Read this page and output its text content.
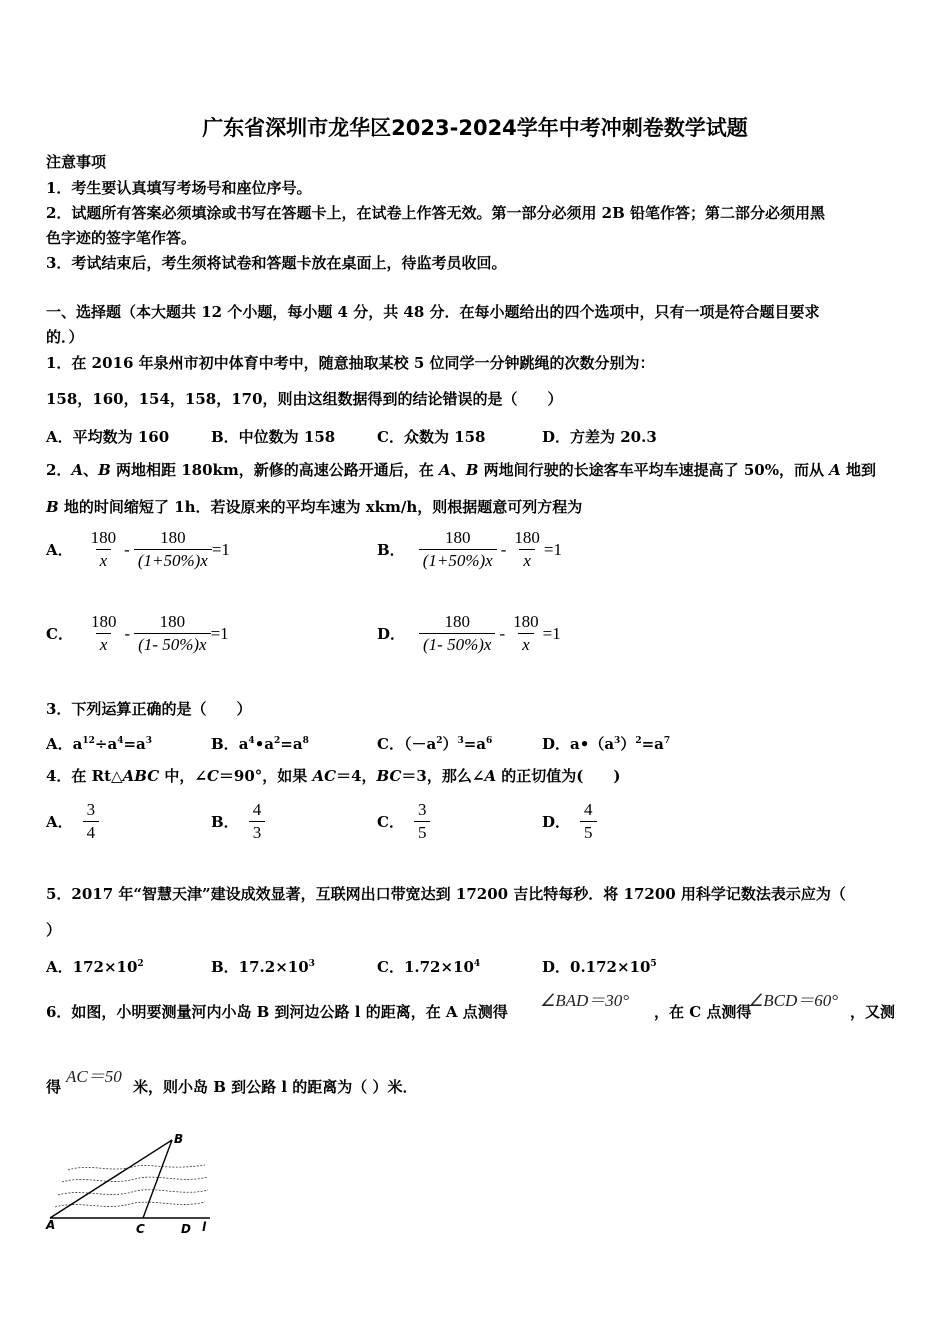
广东省深圳市龙华区2023-2024学年中考冲刺卷数学试题
注意事项
1．考生要认真填写考场号和座位序号。
2．试题所有答案必须填涂或书写在答题卡上，在试卷上作答无效。第一部分必须用 2B 铅笔作答；第二部分必须用黑
色字迹的签字笔作答。
3．考试结束后，考生须将试卷和答题卡放在桌面上，待监考员收回。
一、选择题（本大题共 12 个小题，每小题 4 分，共 48 分．在每小题给出的四个选项中，只有一项是符合题目要求
的．）
1．在 2016 年泉州市初中体育中考中，随意抽取某校 5 位同学一分钟跳绳的次数分别为：
158，160，154，158，170，则由这组数据得到的结论错误的是（　　）
A．平均数为 160	B．中位数为 158	C．众数为 158	D．方差为 20.3
2．A、B 两地相距 180km，新修的高速公路开通后，在 A、B 两地间行驶的长途客车平均车速提高了 50%，而从 A 地到
B 地的时间缩短了 1h．若设原来的平均车速为 xkm/h，则根据题意可列方程为
A． $\frac{180}{x} - \frac{180}{(1+50\%)x} =1$	B． $\frac{180}{(1+50\%)x} - \frac{180}{x} =1$
C． $\frac{180}{x} - \frac{180}{(1- 50\%)x} =1$	D． $\frac{180}{(1- 50\%)x} - \frac{180}{x} =1$
3．下列运算正确的是（　　）
A．$a^{12}\div a^4=a^3$	B．$a^4•a^2=a^8$	C．$(-a^2)^3=a^6$	D．$a•(a^3)^2=a^7$
4．在 Rt△ABC 中，∠C＝90°，如果 AC＝4，BC＝3，那么∠A 的正切值为(　　)
A． $\frac{3}{4}$	B． $\frac{4}{3}$	C． $\frac{3}{5}$	D． $\frac{4}{5}$
5．2017 年“智慧天津”建设成效显著，互联网出口带宽达到 17200 吉比特每秒．将 17200 用科学记数法表示应为（
）
A．$172\times 10^2$	B．$17.2\times 10^3$	C．$1.72\times 10^4$	D．$0.172\times 10^5$
6．如图，小明要测量河内小岛 B 到河边公路 l 的距离，在 A 点测得
∠BAD＝30°
，在 C 点测得
∠BCD＝60°
，又测
得
AC＝50
米，则小岛 B 到公路 l 的距离为（ ）米．
A
B
C	D l
